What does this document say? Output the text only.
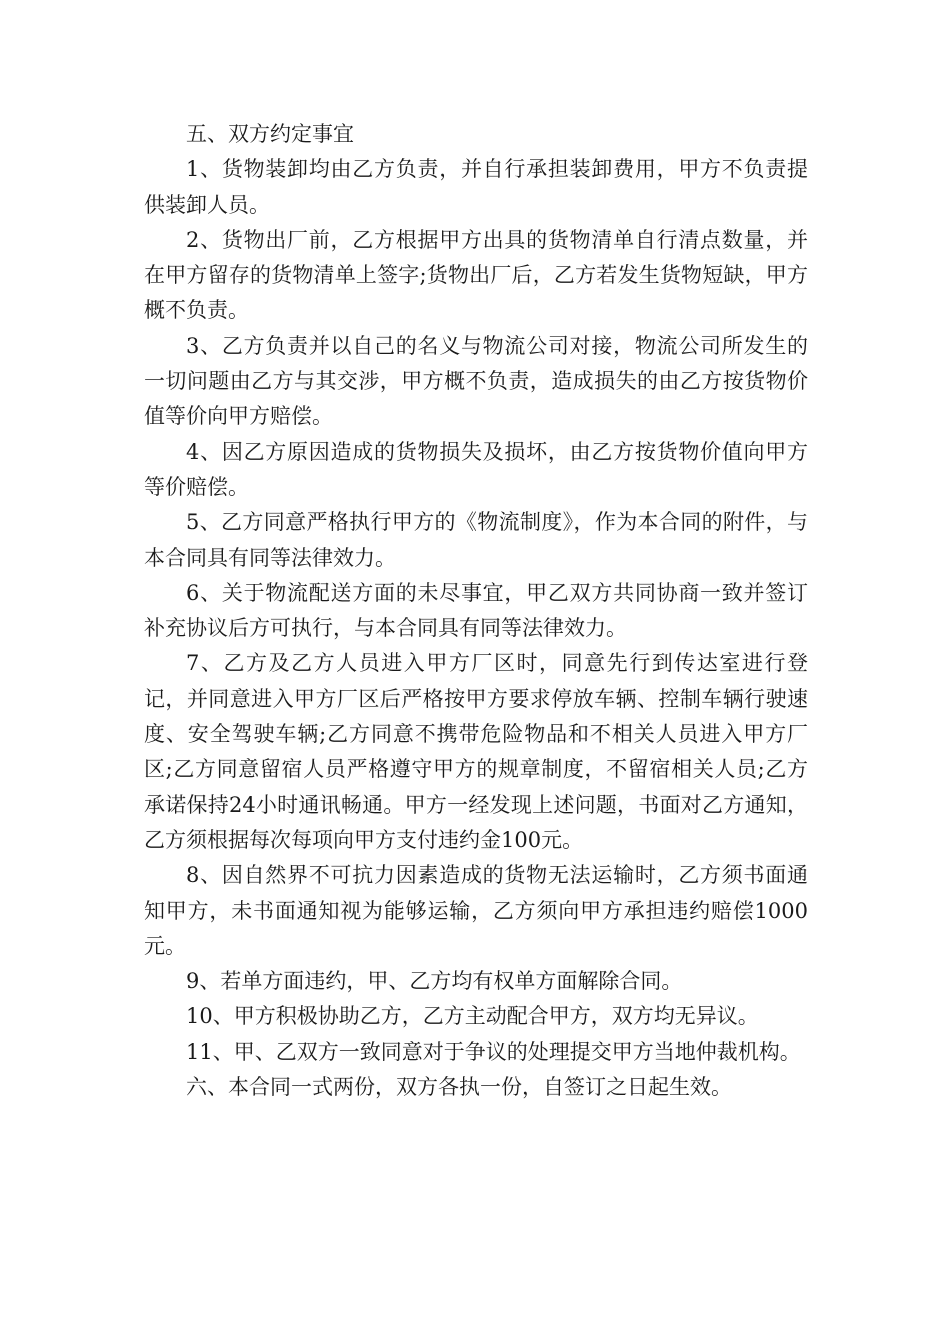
五、双方约定事宜

1、货物装卸均由乙方负责，并自行承担装卸费用，甲方不负责提供装卸人员。

2、货物出厂前，乙方根据甲方出具的货物清单自行清点数量，并在甲方留存的货物清单上签字;货物出厂后，乙方若发生货物短缺，甲方概不负责。

3、乙方负责并以自己的名义与物流公司对接，物流公司所发生的一切问题由乙方与其交涉，甲方概不负责，造成损失的由乙方按货物价值等价向甲方赔偿。

4、因乙方原因造成的货物损失及损坏，由乙方按货物价值向甲方等价赔偿。

5、乙方同意严格执行甲方的《物流制度》，作为本合同的附件，与本合同具有同等法律效力。

6、关于物流配送方面的未尽事宜，甲乙双方共同协商一致并签订补充协议后方可执行，与本合同具有同等法律效力。

7、乙方及乙方人员进入甲方厂区时，同意先行到传达室进行登记，并同意进入甲方厂区后严格按甲方要求停放车辆、控制车辆行驶速度、安全驾驶车辆;乙方同意不携带危险物品和不相关人员进入甲方厂区;乙方同意留宿人员严格遵守甲方的规章制度，不留宿相关人员;乙方承诺保持24小时通讯畅通。甲方一经发现上述问题，书面对乙方通知，乙方须根据每次每项向甲方支付违约金100元。

8、因自然界不可抗力因素造成的货物无法运输时，乙方须书面通知甲方，未书面通知视为能够运输，乙方须向甲方承担违约赔偿1000元。

9、若单方面违约，甲、乙方均有权单方面解除合同。

10、甲方积极协助乙方，乙方主动配合甲方，双方均无异议。

11、甲、乙双方一致同意对于争议的处理提交甲方当地仲裁机构。

六、本合同一式两份，双方各执一份，自签订之日起生效。
